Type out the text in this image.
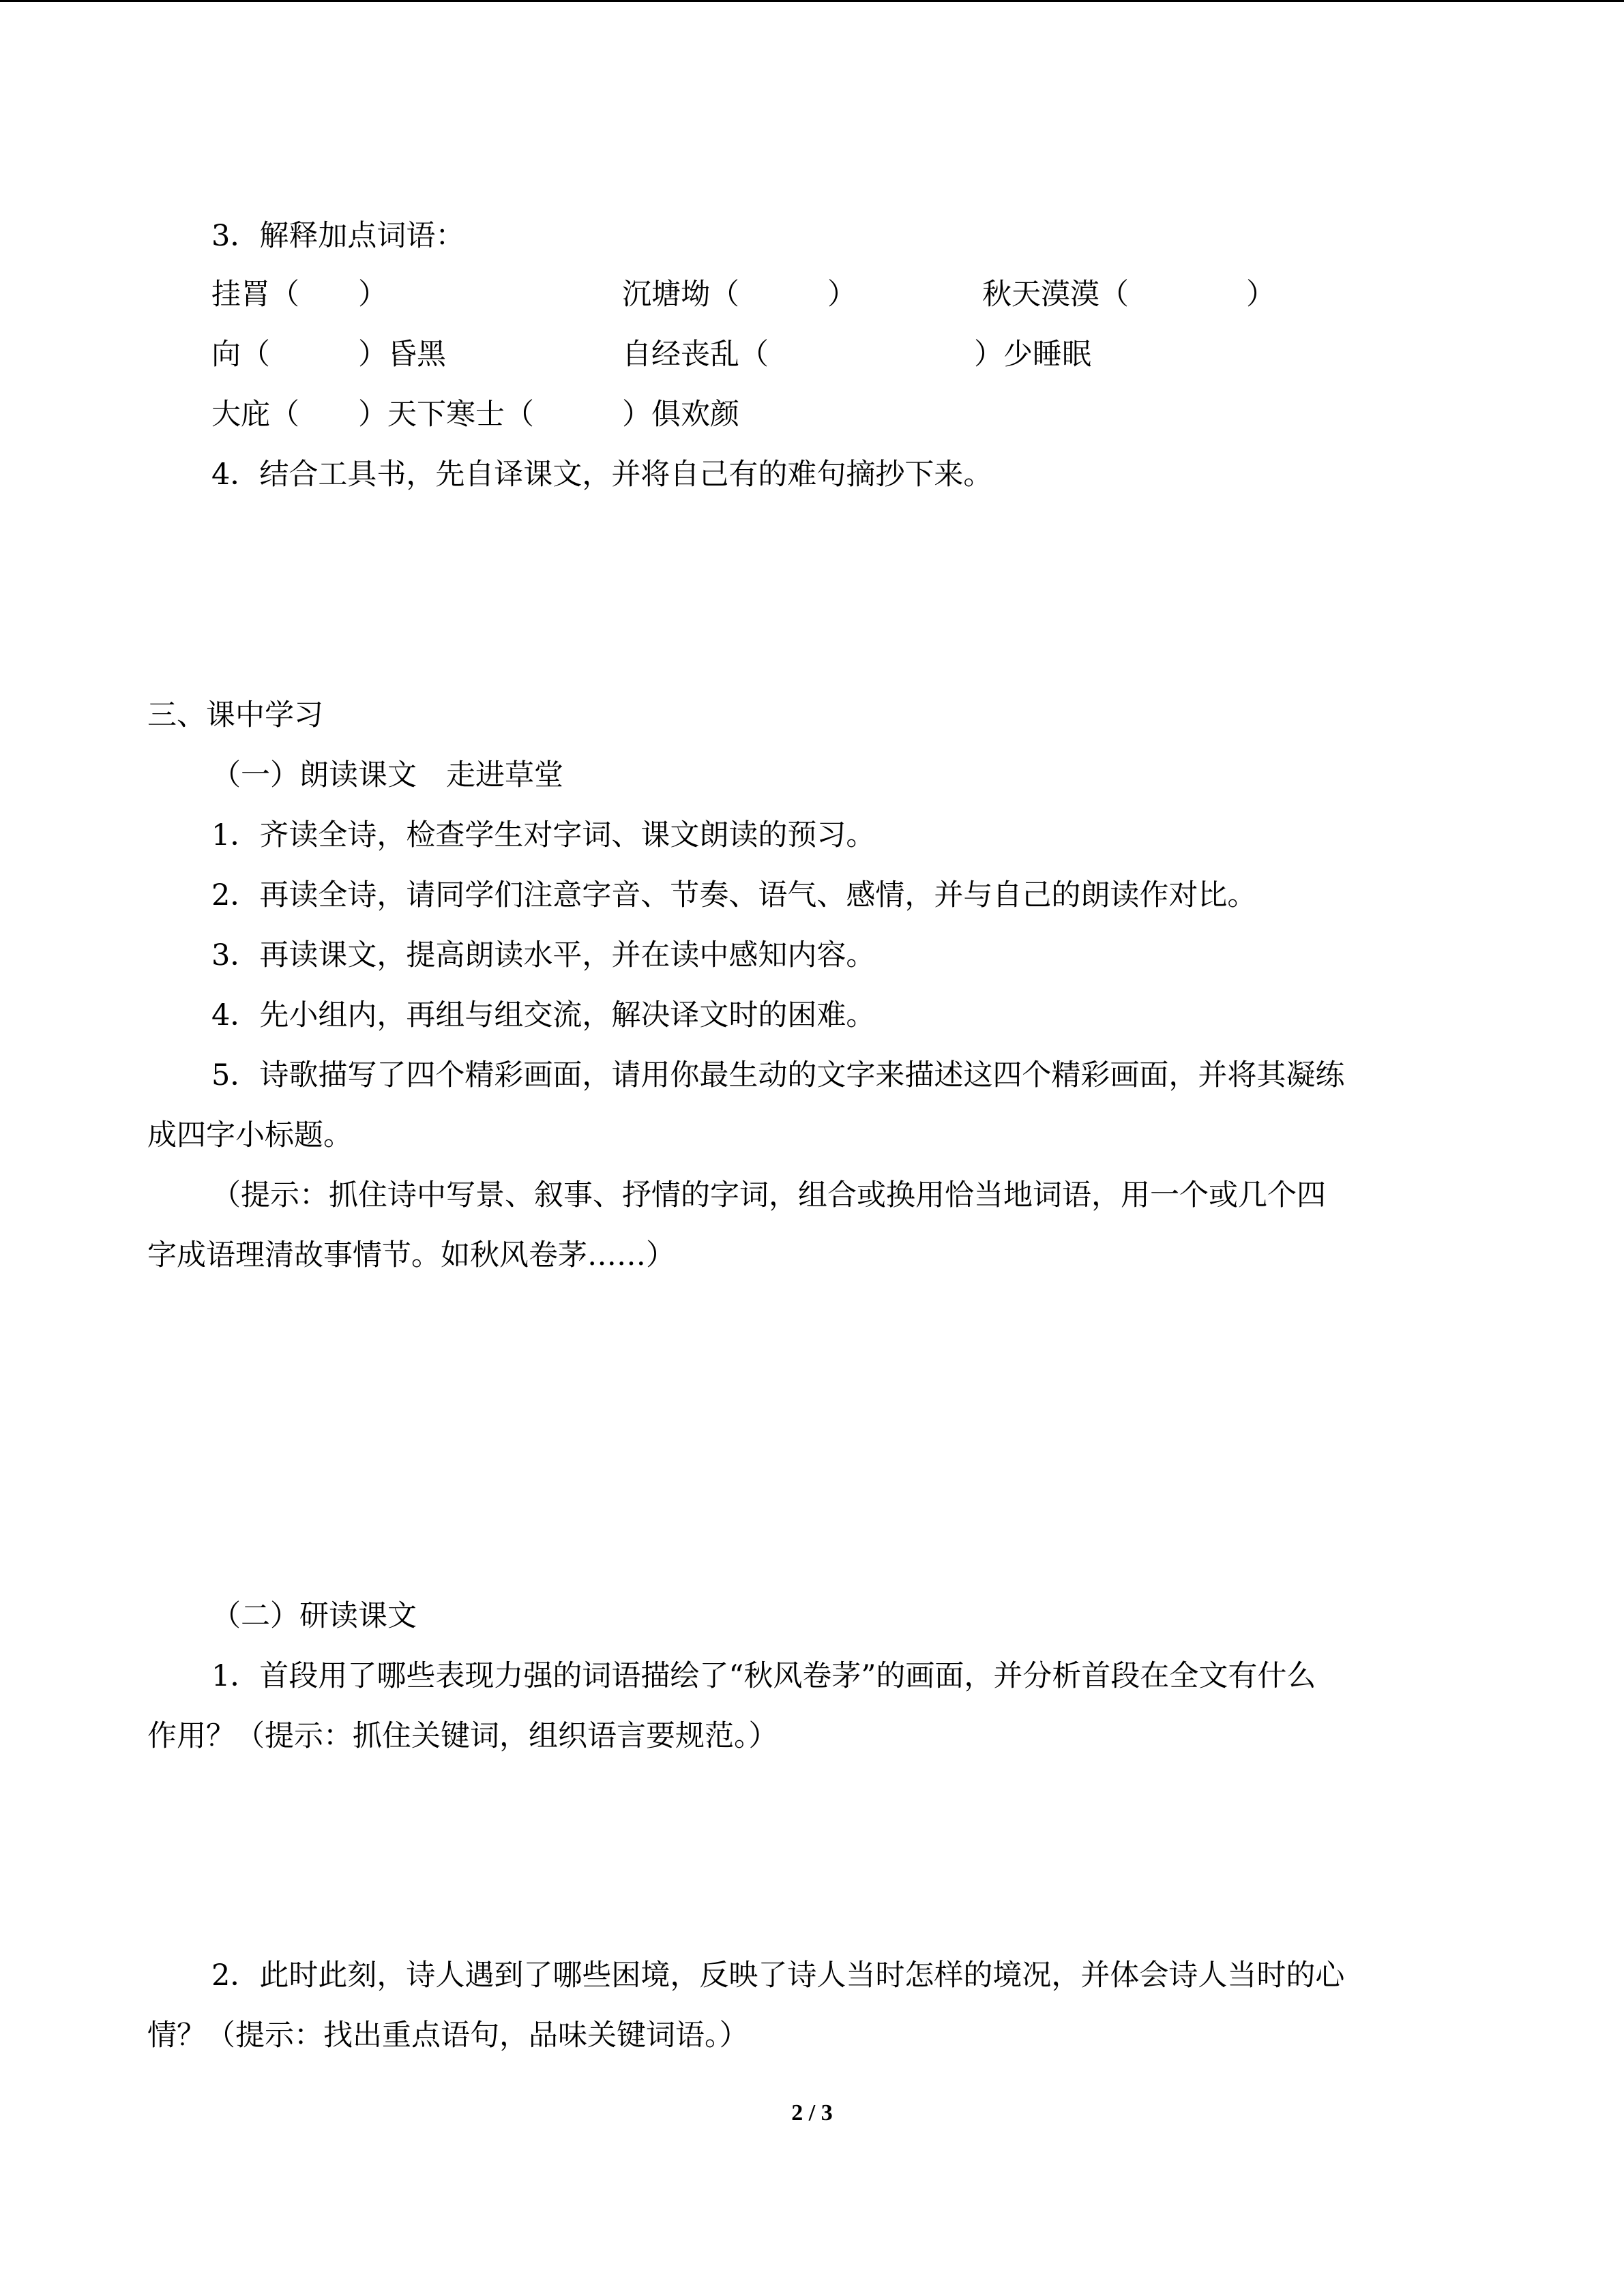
3．解释加点词语：
挂罥（　　）	沉塘坳（　　　）	秋天漠漠（　　　　）
向（　　　）昏黑	自经丧乱（　　　　　　　）少睡眠
大庇（　　）天下寒士（　　　）俱欢颜
4．结合工具书，先自译课文，并将自己有的难句摘抄下来。
三、课中学习
（一）朗读课文　走进草堂
1．齐读全诗，检查学生对字词、课文朗读的预习。
2．再读全诗，请同学们注意字音、节奏、语气、感情，并与自己的朗读作对比。
3．再读课文，提高朗读水平，并在读中感知内容。
4．先小组内，再组与组交流，解决译文时的困难。
5．诗歌描写了四个精彩画面，请用你最生动的文字来描述这四个精彩画面，并将其凝练
成四字小标题。
（提示：抓住诗中写景、叙事、抒情的字词，组合或换用恰当地词语，用一个或几个四
字成语理清故事情节。如秋风卷茅……）
（二）研读课文
1．首段用了哪些表现力强的词语描绘了“秋风卷茅”的画面，并分析首段在全文有什么
作用？（提示：抓住关键词，组织语言要规范。）
2．此时此刻，诗人遇到了哪些困境，反映了诗人当时怎样的境况，并体会诗人当时的心
情？（提示：找出重点语句，品味关键词语。）
2 / 3
